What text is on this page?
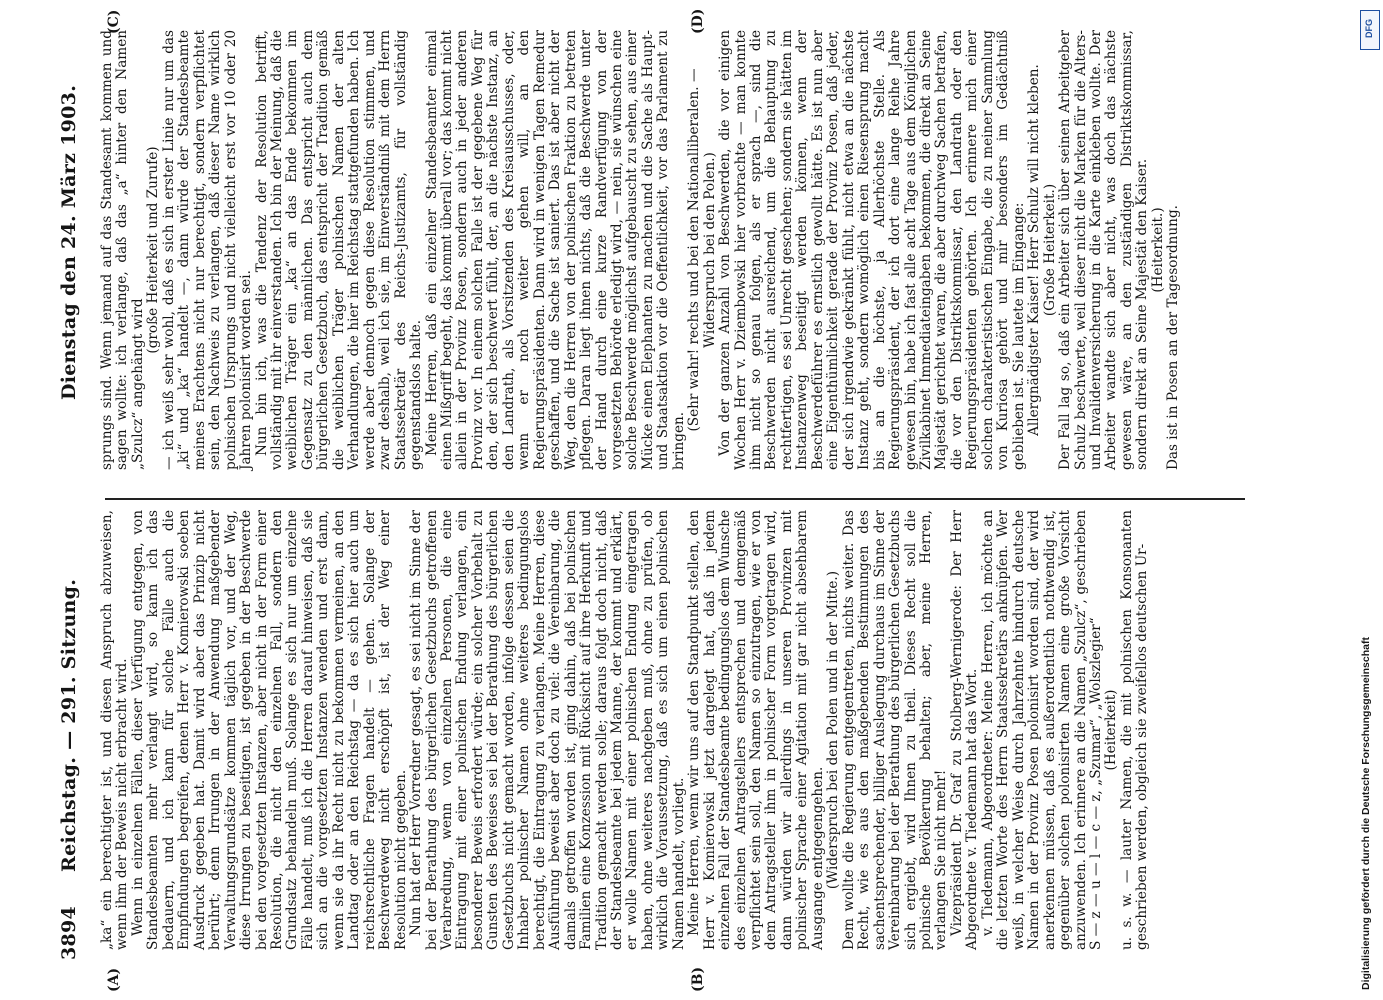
3894
Reichstag. — 291. Sitzung.
Dienstag den 24. März 1903.
(A)	(B)
(C)	(D)

„ka“ ein berechtigter ist, und diesen Anspruch abzuweisen, wenn ihm der Beweis nicht erbracht wird. Wenn in einzelnen Fällen, dieser Verfügung entgegen, von Standesbeamten mehr verlangt wird, so kann ich das bedauern, und ich kann für solche Fälle auch die Empfindungen begreifen, denen Herr v. Komierowski soeben Ausdruck gegeben hat. Damit wird aber das Prinzip nicht berührt; denn Irrungen in der Anwendung maßgebender Verwaltungsgrundsätze kommen täglich vor, und der Weg, diese Irrungen zu beseitigen, ist gegeben in der Beschwerde bei den vorgesetzten Instanzen, aber nicht in der Form einer Resolution, die nicht den einzelnen Fall, sondern den Grundsatz behandeln muß. Solange es sich nur um einzelne Fälle handelt, muß ich die Herren darauf hinweisen, daß sie sich an die vorgesetzten Instanzen wenden und erst dann, wenn sie da ihr Recht nicht zu bekommen vermeinen, an den Landtag oder an den Reichstag — da es sich hier auch um reichsrechtliche Fragen handelt — gehen. Solange der Beschwerdeweg nicht erschöpft ist, ist der Weg einer Resolution nicht gegeben. Nun hat der Herr Vorredner gesagt, es sei nicht im Sinne der bei der Berathung des bürgerlichen Gesetzbuchs getroffenen Verabredung, wenn von einzelnen Personen, die eine Eintragung mit einer polnischen Endung verlangen, ein besonderer Beweis erfordert würde; ein solcher Vorbehalt zu Gunsten des Beweises sei bei der Berathung des bürgerlichen Gesetzbuchs nicht gemacht worden, infolge dessen seien die Inhaber polnischer Namen ohne weiteres bedingungslos berechtigt, die Eintragung zu verlangen. Meine Herren, diese Ausführung beweist aber doch zu viel: die Vereinbarung, die damals getroffen worden ist, ging dahin, daß bei polnischen Familien eine Konzession mit Rücksicht auf ihre Herkunft und Tradition gemacht werden solle; daraus folgt doch nicht, daß der Standesbeamte bei jedem Manne, der kommt und erklärt, er wolle Namen mit einer polnischen Endung eingetragen haben, ohne weiteres nachgeben muß, ohne zu prüfen, ob wirklich die Voraussetzung, daß es sich um einen polnischen Namen handelt, vorliegt. Meine Herren, wenn wir uns auf den Standpunkt stellen, den Herr v. Komierowski jetzt dargelegt hat, daß in jedem einzelnen Fall der Standesbeamte bedingungslos dem Wunsche des einzelnen Antragstellers entsprechen und demgemäß verpflichtet sein soll, den Namen so einzutragen, wie er von dem Antragsteller ihm in polnischer Form vorgetragen wird, dann würden wir allerdings in unseren Provinzen mit polnischer Sprache einer Agitation mit gar nicht absehbarem Ausgange entgegengehen. (Widerspruch bei den Polen und in der Mitte.) Dem wollte die Regierung entgegentreten, nichts weiter. Das Recht, wie es aus den maßgebenden Bestimmungen des sachentsprechender, billiger Auslegung durchaus im Sinne der Vereinbarung bei der Berathung des bürgerlichen Gesetzbuchs sich ergiebt, wird Ihnen zu theil. Dieses Recht soll die polnische Bevölkerung behalten; aber, meine Herren, verlangen Sie nicht mehr! Vizepräsident Dr. Graf zu Stolberg-Wernigerode: Der Herr Abgeordnete v. Tiedemann hat das Wort. v. Tiedemann, Abgeordneter: Meine Herren, ich möchte an die letzten Worte des Herrn Staatssekretärs anknüpfen. Wer weiß, in welcher Weise durch Jahrzehnte hindurch deutsche Namen in der Provinz Posen polonisirt worden sind, der wird anerkennen müssen, daß es außerordentlich nothwendig ist, gegenüber solchen polonisirten Namen eine große Vorsicht anzuwenden. Ich erinnere an die Namen „Szulcz“, geschrieben S — z — u — l — c — z, „Szumar“, „Wolszlegier“ (Heiterkeit) u. s. w. — lauter Namen, die mit polnischen Konsonanten geschrieben werden, obgleich sie zweifellos deutschen Ur-

sprungs sind. Wenn jemand auf das Standesamt kommen und sagen wollte: ich verlange, daß das „a“ hinter den Namen „Szulcz“ angehängt wird

(große Heiterkeit und Zurufe) — ich weiß sehr wohl, daß es sich in erster Linie nur um das „ki“ und „ka“ handelt —, dann würde der Standesbeamte meines Erachtens nicht nur berechtigt, sondern verpflichtet sein, den Nachweis zu verlangen, daß dieser Name wirklich polnischen Ursprungs und nicht vielleicht erst vor 10 oder 20 Jahren polonisirt worden sei. Nun bin ich, was die Tendenz der Resolution betrifft, vollständig mit ihr einverstanden. Ich bin der Meinung, daß die weiblichen Träger ein „ka“ an das Ende bekommen im Gegensatz zu den männlichen. Das entspricht auch dem bürgerlichen Gesetzbuch, das entspricht der Tradition gemäß die weiblichen Träger polnischen Namen der alten Verhandlungen, die hier im Reichstag stattgefunden haben. Ich werde aber dennoch gegen diese Resolution stimmen, und zwar deshalb, weil ich sie, im Einverständniß mit dem Herrn Staatssekretär des Reichs-Justizamts, für vollständig gegenstandslos halte. Meine Herren, daß ein einzelner Standesbeamter einmal einen Mißgriff begeht, das kommt überall vor; das kommt nicht allein in der Provinz Posen, sondern auch in jeder anderen Provinz vor. In einem solchen Falle ist der gegebene Weg für den, der sich beschwert fühlt, der, an die nächste Instanz, an den Landrath, als Vorsitzenden des Kreisausschusses, oder, wenn er noch weiter gehen will, an den Regierungspräsidenten. Dann wird in wenigen Tagen Remedur geschaffen, und die Sache ist saniert. Das ist aber nicht der Weg, den die Herren von der polnischen Fraktion zu betreten pflegen. Daran liegt ihnen nichts, daß die Beschwerde unter der Hand durch eine kurze Randverfügung von der vorgesetzten Behörde erledigt wird, — nein, sie wünschen eine solche Beschwerde möglichst aufgebauscht zu sehen, aus einer Mücke einen Elephanten zu machen und die Sache als Haupt- und Staatsaktion vor die Oeffentlichkeit, vor das Parlament zu bringen.

(Sehr wahr! rechts und bei den Nationalliberalen. — Widerspruch bei den Polen.) Von der ganzen Anzahl von Beschwerden, die vor einigen Wochen Herr v. Dziembowski hier vorbrachte — man konnte ihm nicht so genau folgen, als er sprach —, sind die Beschwerden nicht ausreichend, um die Behauptung zu rechtfertigen, es sei Unrecht geschehen; sondern sie hätten im Instanzenweg beseitigt werden können, wenn der Beschwerdeführer es ernstlich gewollt hätte. Es ist nun aber eine Eigenthümlichkeit gerade der Provinz Posen, daß jeder, der sich irgendwie gekränkt fühlt, nicht etwa an die nächste Instanz geht, sondern womöglich einen Riesensprung macht bis an die höchste, ja Allerhöchste Stelle. Als Regierungspräsident, der ich dort eine lange Reihe Jahre gewesen bin, habe ich fast alle acht Tage aus dem Königlichen Zivilkabinet Immediateingaben bekommen, die direkt an Seine Majestät gerichtet waren, die aber durchweg Sachen betrafen, die vor den Distriktskommissar, den Landrath oder den Regierungspräsidenten gehörten. Ich erinnere mich einer solchen charakteristischen Eingabe, die zu meiner Sammlung von Kuriosa gehört und mir besonders im Gedächtniß geblieben ist. Sie lautete im Eingange: Allergnädigster Kaiser! Herr Schulz will nicht kleben. (Große Heiterkeit.) Der Fall lag so, daß ein Arbeiter sich über seinen Arbeitgeber Schulz beschwerte, weil dieser nicht die Marken für die Alters- und Invalidenversicherung in die Karte einkleben wollte. Der Arbeiter wandte sich aber nicht, was doch das nächste gewesen wäre, an den zuständigen Distriktskommissar, sondern direkt an Seine Majestät den Kaiser. (Heiterkeit.) Das ist in Posen an der Tagesordnung.

DFG
Digitalisierung gefördert durch die Deutsche Forschungsgemeinschaft
